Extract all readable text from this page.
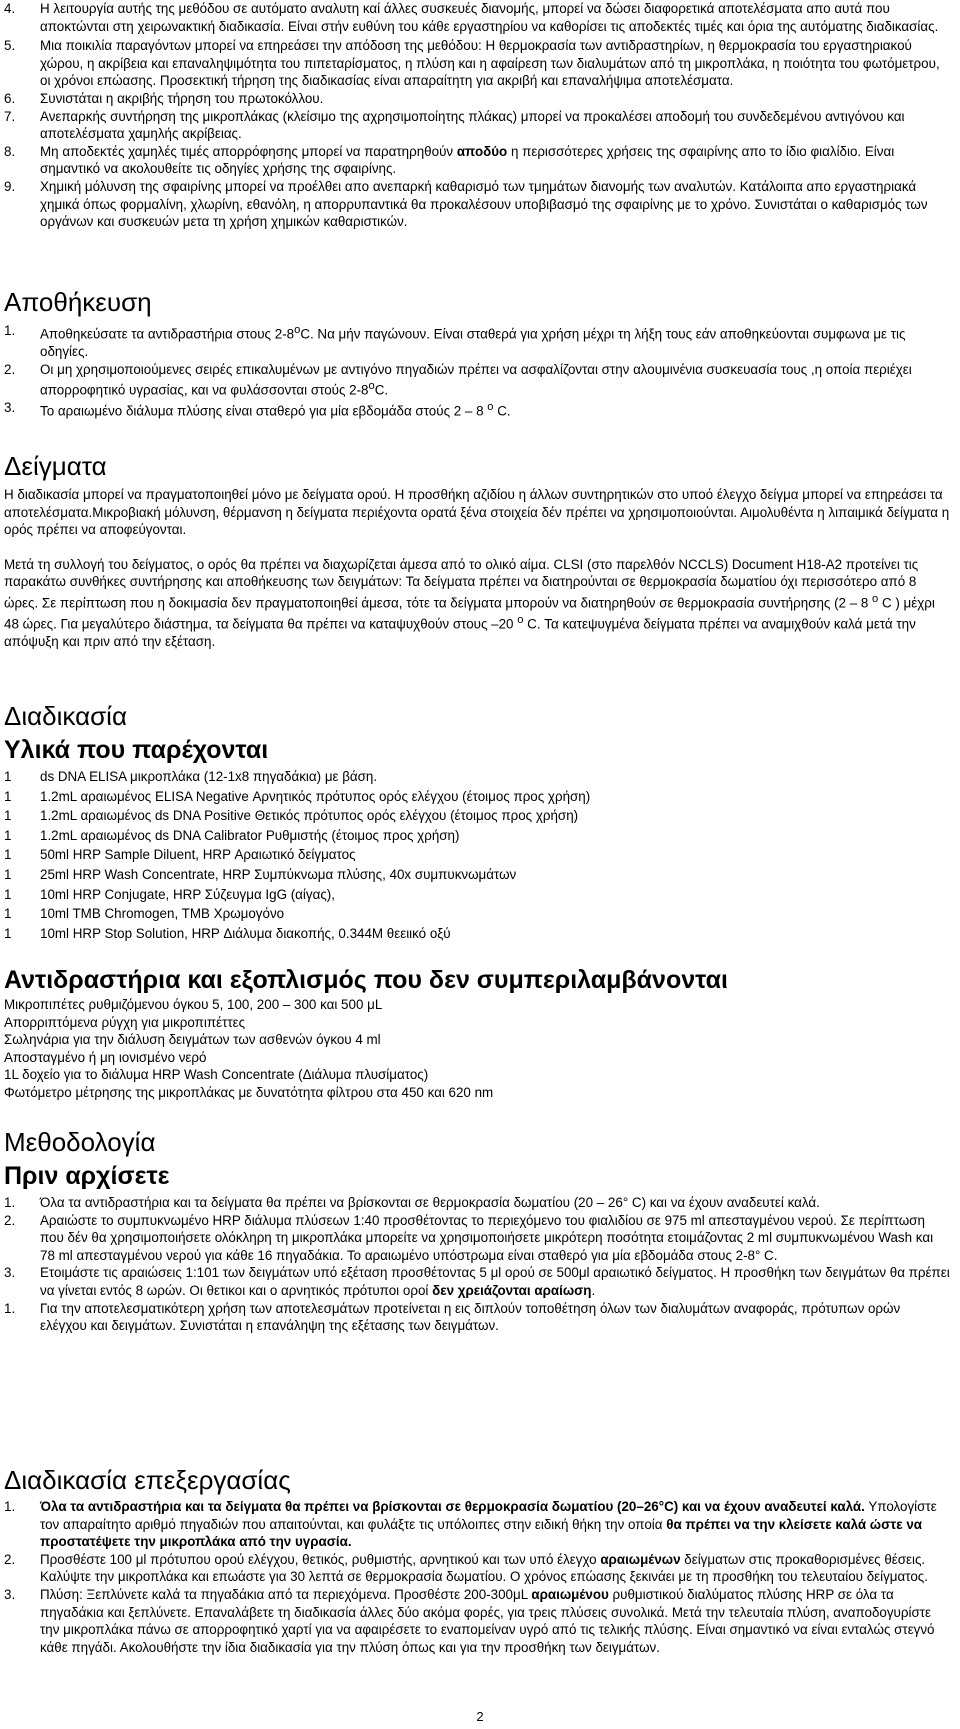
4.	Η λειτουργία αυτής της μεθόδου σε αυτόματο αναλυτη καί άλλες συσκευές διανομής, μπορεί να δώσει διαφορετικά αποτελέσματα απο αυτά που αποκτώνται στη χειρωνακτική διαδικασία. Είναι στήν ευθύνη του κάθε εργαστηρίου να καθορίσει τις αποδεκτές τιμές και όρια της αυτόματης διαδικασίας.
5.	Μια ποικιλία παραγόντων μπορεί να επηρεάσει την απόδοση της μεθόδου: Η θερμοκρασία των αντιδραστηρίων, η θερμοκρασία του εργαστηριακού χώρου, η ακρίβεια και επαναληψιμότητα του πιπεταρίσματος, η πλύση και η αφαίρεση των διαλυμάτων από τη μικροπλάκα, η ποιότητα του φωτόμετρου, οι χρόνοι επώασης. Προσεκτική τήρηση της διαδικασίας είναι απαραίτητη για ακριβή και επαναλήψιμα αποτελέσματα.
6.	Συνιστάται η ακριβής τήρηση του πρωτοκόλλου.
7.	Ανεπαρκής συντήρηση της μικροπλάκας (κλείσιμο της αχρησιμοποίητης πλάκας) μπορεί να προκαλέσει αποδομή του συνδεδεμένου αντιγόνου και αποτελέσματα χαμηλής ακρίβειας.
8.	Μη αποδεκτές χαμηλές τιμές απορρόφησης μπορεί να παρατηρηθούν αποδύο η περισσότερες χρήσεις της σφαιρίνης απο το ίδιο φιαλίδιο. Είναι σημαντικό να ακολουθείτε τις οδηγίες χρήσης της σφαιρίνης.
9.	Χημική μόλυνση της σφαιρίνης μπορεί να προέλθει απο ανεπαρκή καθαρισμό των τμημάτων διανομής των αναλυτών. Κατάλοιπα απο εργαστηριακά χημικά όπως φορμαλίνη, χλωρίνη, εθανόλη, η απορρυπαντικά θα προκαλέσουν υποβιβασμό της σφαιρίνης με το χρόνο. Συνιστάται ο καθαρισμός των οργάνων και συσκευών μετα τη χρήση χημικών καθαριστικών.
Αποθήκευση
1.	Αποθηκεύσατε τα αντιδραστήρια στους 2-8$^o$C. Να μήν παγώνουν. Είναι σταθερά για χρήση μέχρι τη λήξη τους εάν αποθηκεύονται συμφωνα με τις οδηγίες.
2.	Οι μη χρησιμοποιούμενες σειρές επικαλυμένων με αντιγόνο πηγαδιών πρέπει να ασφαλίζονται στην αλουμινένια συσκευασία τους ,η οποία περιέχει απορροφητικό υγρασίας, και να φυλάσσονται στούς 2-8$^o$C.
3.	Το αραιωμένο διάλυμα πλύσης είναι σταθερό για μία εβδομάδα στούς 2 – 8 $^o$ C.
Δείγματα

Η διαδικασία μπορεί να πραγματοποιηθεί μόνο με δείγματα ορού. Η προσθήκη αζιδίου η άλλων συντηρητικών στο υποό έλεγχο δείγμα μπορεί να επηρεάσει τα αποτελέσματα.Μικροβιακή μόλυνση, θέρμανση η δείγματα περιέχοντα ορατά ξένα στοιχεία δέν πρέπει να χρησιμοποιούνται. Αιμολυθέντα η λιπαιμικά δείγματα η ορός πρέπει να αποφεύγονται.

Μετά τη συλλογή του δείγματος, ο ορός θα πρέπει να διαχωρίζεται άμεσα από το ολικό αίμα. CLSI (στο παρελθόν NCCLS) Document H18-A2 προτείνει τις παρακάτω συνθήκες συντήρησης και αποθήκευσης των δειγμάτων: Τα δείγματα πρέπει να διατηρούνται σε θερμοκρασία δωματίου όχι περισσότερο από 8 ώρες. Σε περίπτωση που η δοκιμασία δεν πραγματοποιηθεί άμεσα, τότε τα δείγματα μπορούν να διατηρηθούν σε θερμοκρασία συντήρησης (2 – 8 $^o$ C ) μέχρι 48 ώρες. Για μεγαλύτερο διάστημα, τα δείγματα θα πρέπει να καταψυχθούν στους –20 $^o$ C. Τα κατεψυγμένα δείγματα πρέπει να αναμιχθούν καλά μετά την απόψυξη και πριν από την εξέταση.

Διαδικασία
Υλικά που παρέχονται
1	ds DNA ELISA μικροπλάκα (12-1x8 πηγαδάκια) με βάση.
1	1.2mL αραιωμένος ELISA Negative Αρνητικός πρότυπος ορός ελέγχου (έτοιμος προς χρήση)
1	1.2mL αραιωμένος ds DNA Positive Θετικός πρότυπος ορός ελέγχου (έτοιμος προς χρήση)
1	1.2mL αραιωμένος ds DNA Calibrator Ρυθμιστής (έτοιμος προς χρήση)
1	50ml HRP Sample Diluent, HRP Αραιωτικό δείγματος
1	25ml HRP Wash Concentrate, HRP Συμπύκνωμα πλύσης, 40x συμπυκνωμάτων
1	10ml HRP Conjugate, HRP Σύζευγμα IgG (αίγας),
1	10ml TMB Chromogen, TMB Χρωμογόνο
1	10ml HRP Stop Solution, HRP Διάλυμα διακοπής, 0.344M θεειικό οξύ
Αντιδραστήρια και εξοπλισμός που δεν συμπεριλαμβάνονται
Μικροπιπέτες ρυθμιζόμενου όγκου 5, 100, 200 – 300 και 500 μL
Απορριπτόμενα ρύγχη για μικροπιπέττες
Σωληνάρια για την διάλυση δειγμάτων των ασθενών όγκου 4 ml
Αποσταγμένο ή μη ιονισμένο νερό
1L δοχείο για το διάλυμα HRP Wash Concentrate (Διάλυμα πλυσίματος)
Φωτόμετρο μέτρησης της μικροπλάκας με δυνατότητα φίλτρου στα 450 και 620 nm
Μεθοδολογία
Πριν αρχίσετε
1.	Όλα τα αντιδραστήρια και τα δείγματα θα πρέπει να βρίσκονται σε θερμοκρασία δωματίου (20 – 26° C) και να έχουν αναδευτεί καλά.
2.	Αραιώστε το συμπυκνωμένο HRP διάλυμα πλύσεων 1:40 προσθέτοντας το περιεχόμενο του φιαλιδίου σε 975 ml απεσταγμένου νερού. Σε περίπτωση που δέν θα χρησιμοποιήσετε ολόκληρη τη μικροπλάκα μπορείτε να χρησιμοποιήσετε μικρότερη ποσότητα ετοιμάζοντας 2 ml συμπυκνωμένου Wash και 78 ml απεσταγμένου νερού για κάθε 16 πηγαδάκια. Το αραιωμένο υπόστρωμα είναι σταθερό για μία εβδομάδα στους 2-8° C.
3.	Ετοιμάστε τις αραιώσεις 1:101 των δειγμάτων υπό εξέταση προσθέτοντας 5 μl ορού σε 500μl αραιωτικό δείγματος. Η προσθήκη των δειγμάτων θα πρέπει να γίνεται εντός 8 ωρών. Οι θετικοι και ο αρνητικός πρότυποι οροί δεν χρειάζονται αραίωση.
1.	Για την αποτελεσματικότερη χρήση των αποτελεσμάτων προτείνεται η εις διπλούν τοποθέτηση όλων των διαλυμάτων αναφοράς, πρότυπων ορών ελέγχου και δειγμάτων. Συνιστάται η επανάληψη της εξέτασης των δειγμάτων.
Διαδικασία επεξεργασίας
1.	Όλα τα αντιδραστήρια και τα δείγματα θα πρέπει να βρίσκονται σε θερμοκρασία δωματίου (20–26°C) και να έχουν αναδευτεί καλά. Υπολογίστε τον απαραίτητο αριθμό πηγαδιών που απαιτούνται, και φυλάξτε τις υπόλοιπες στην ειδική θήκη την οποία θα πρέπει να την κλείσετε καλά ώστε να προστατέψετε την μικροπλάκα από την υγρασία.
2.	Προσθέστε 100 μl πρότυπου ορού ελέγχου, θετικός, ρυθμιστής, αρνητικού και των υπό έλεγχο αραιωμένων δείγματων στις προκαθορισμένες θέσεις. Καλύψτε την μικροπλάκα και επωάστε για 30 λεπτά σε θερμοκρασία δωματίου. Ο χρόνος επώασης ξεκινάει με τη προσθήκη του τελευταίου δείγματος.
3.	Πλύση: Ξεπλύνετε καλά τα πηγαδάκια από τα περιεχόμενα. Προσθέστε 200-300μL αραιωμένου ρυθμιστικού διαλύματος πλύσης HRP σε όλα τα πηγαδάκια και ξεπλύνετε. Επαναλάβετε τη διαδικασία άλλες δύο ακόμα φορές, για τρεις πλύσεις συνολικά. Μετά την τελευταία πλύση, αναποδογυρίστε την μικροπλάκα πάνω σε απορροφητικό χαρτί για να αφαιρέσετε το εναπομείναν υγρό από τις τελικής πλύσης. Είναι σημαντικό να είναι ενταλώς στεγνό κάθε πηγάδι. Ακολουθήστε την ίδια διαδικασία για την πλύση όπως και για την προσθήκη των δειγμάτων.
2
